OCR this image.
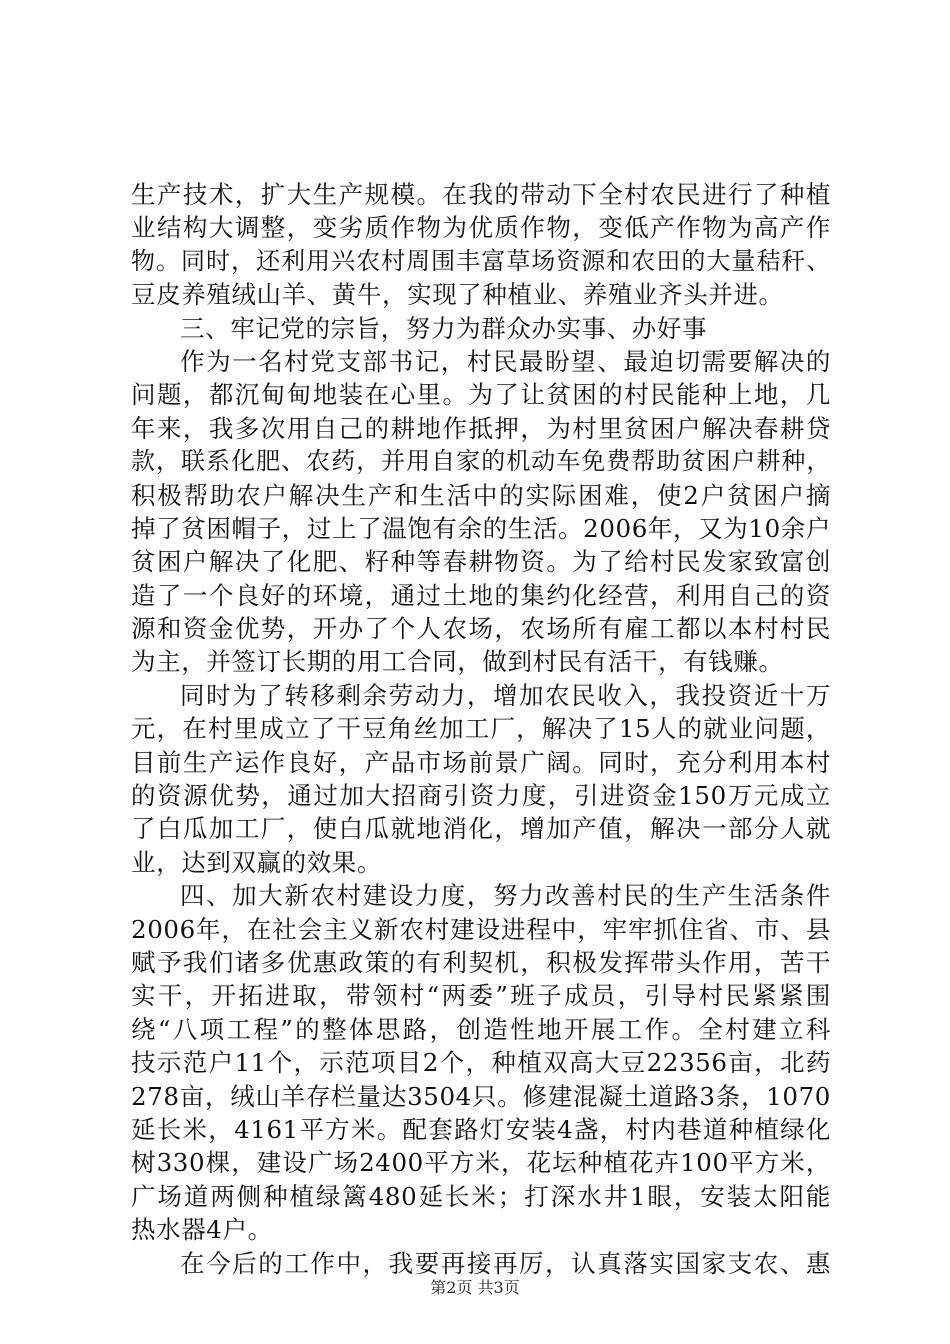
生产技术，扩大生产规模。在我的带动下全村农民进行了种植
业结构大调整，变劣质作物为优质作物，变低产作物为高产作
物。同时，还利用兴农村周围丰富草场资源和农田的大量秸秆、
豆皮养殖绒山羊、黄牛，实现了种植业、养殖业齐头并进。
三、牢记党的宗旨，努力为群众办实事、办好事
作为一名村党支部书记，村民最盼望、最迫切需要解决的
问题，都沉甸甸地装在心里。为了让贫困的村民能种上地，几
年来，我多次用自己的耕地作抵押，为村里贫困户解决春耕贷
款，联系化肥、农药，并用自家的机动车免费帮助贫困户耕种，
积极帮助农户解决生产和生活中的实际困难，使2户贫困户摘
掉了贫困帽子，过上了温饱有余的生活。2006年，又为10余户
贫困户解决了化肥、籽种等春耕物资。为了给村民发家致富创
造了一个良好的环境，通过土地的集约化经营，利用自己的资
源和资金优势，开办了个人农场，农场所有雇工都以本村村民
为主，并签订长期的用工合同，做到村民有活干，有钱赚。
同时为了转移剩余劳动力，增加农民收入，我投资近十万
元，在村里成立了干豆角丝加工厂，解决了15人的就业问题，
目前生产运作良好，产品市场前景广阔。同时，充分利用本村
的资源优势，通过加大招商引资力度，引进资金150万元成立
了白瓜加工厂，使白瓜就地消化，增加产值，解决一部分人就
业，达到双赢的效果。
四、加大新农村建设力度，努力改善村民的生产生活条件
2006年，在社会主义新农村建设进程中，牢牢抓住省、市、县
赋予我们诸多优惠政策的有利契机，积极发挥带头作用，苦干
实干，开拓进取，带领村“两委”班子成员，引导村民紧紧围
绕“八项工程”的整体思路，创造性地开展工作。全村建立科
技示范户11个，示范项目2个，种植双高大豆22356亩，北药
278亩，绒山羊存栏量达3504只。修建混凝土道路3条，1070
延长米，4161平方米。配套路灯安装4盏，村内巷道种植绿化
树330棵，建设广场2400平方米，花坛种植花卉100平方米，
广场道两侧种植绿篱480延长米；打深水井1眼，安装太阳能
热水器4户。
在今后的工作中，我要再接再厉，认真落实国家支农、惠
第2页 共3页
